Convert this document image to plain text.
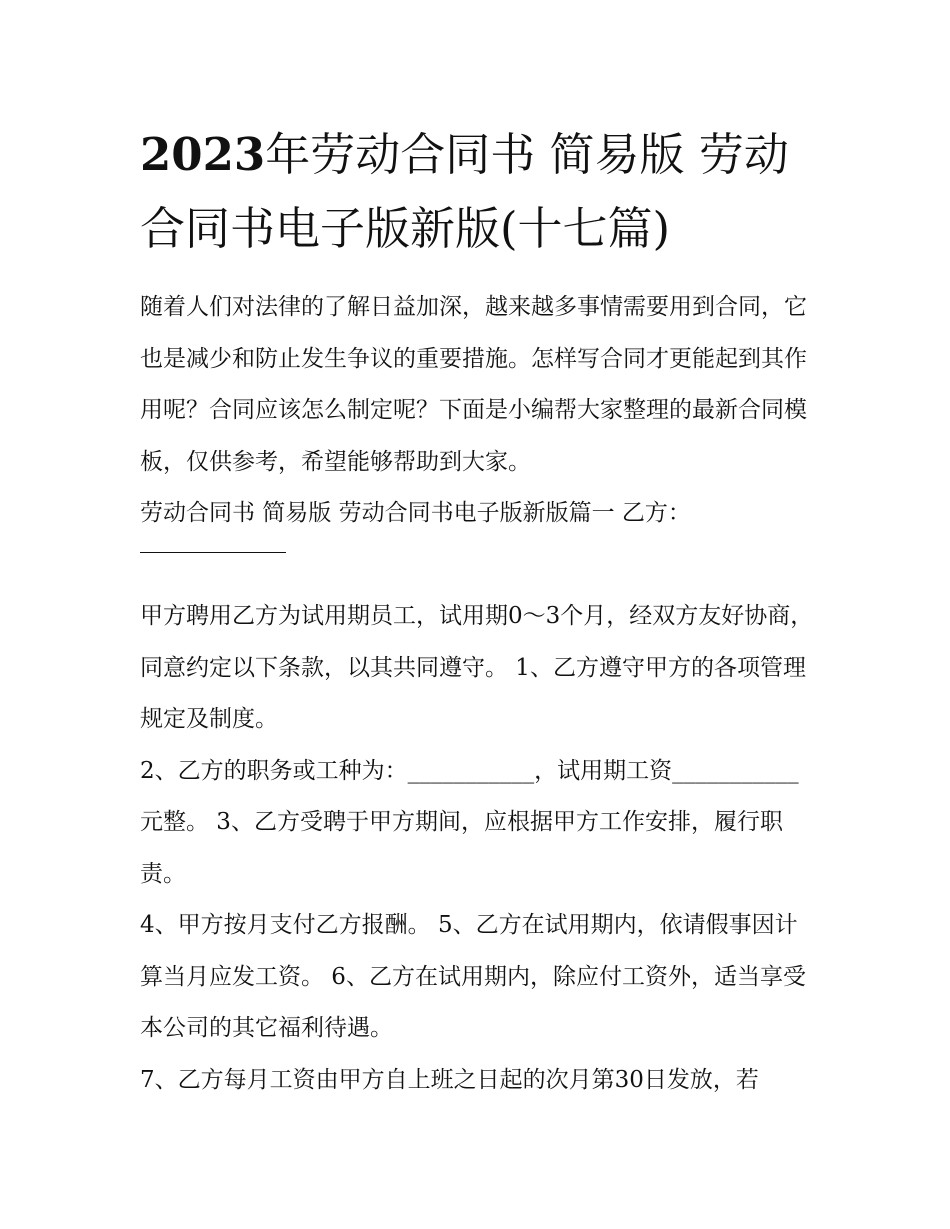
2023年劳动合同书 简易版 劳动合同书电子版新版(十七篇)

随着人们对法律的了解日益加深，越来越多事情需要用到合同，它也是减少和防止发生争议的重要措施。怎样写合同才更能起到其作用呢？合同应该怎么制定呢？下面是小编帮大家整理的最新合同模板，仅供参考，希望能够帮助到大家。

劳动合同书 简易版 劳动合同书电子版新版篇一 乙方：

甲方聘用乙方为试用期员工，试用期0～3个月，经双方友好协商，同意约定以下条款，以其共同遵守。 1、乙方遵守甲方的各项管理规定及制度。

2、乙方的职务或工种为：___________，试用期工资___________元整。 3、乙方受聘于甲方期间，应根据甲方工作安排，履行职责。

4、甲方按月支付乙方报酬。 5、乙方在试用期内，依请假事因计算当月应发工资。 6、乙方在试用期内，除应付工资外，适当享受本公司的其它福利待遇。

7、乙方每月工资由甲方自上班之日起的次月第30日发放，若
